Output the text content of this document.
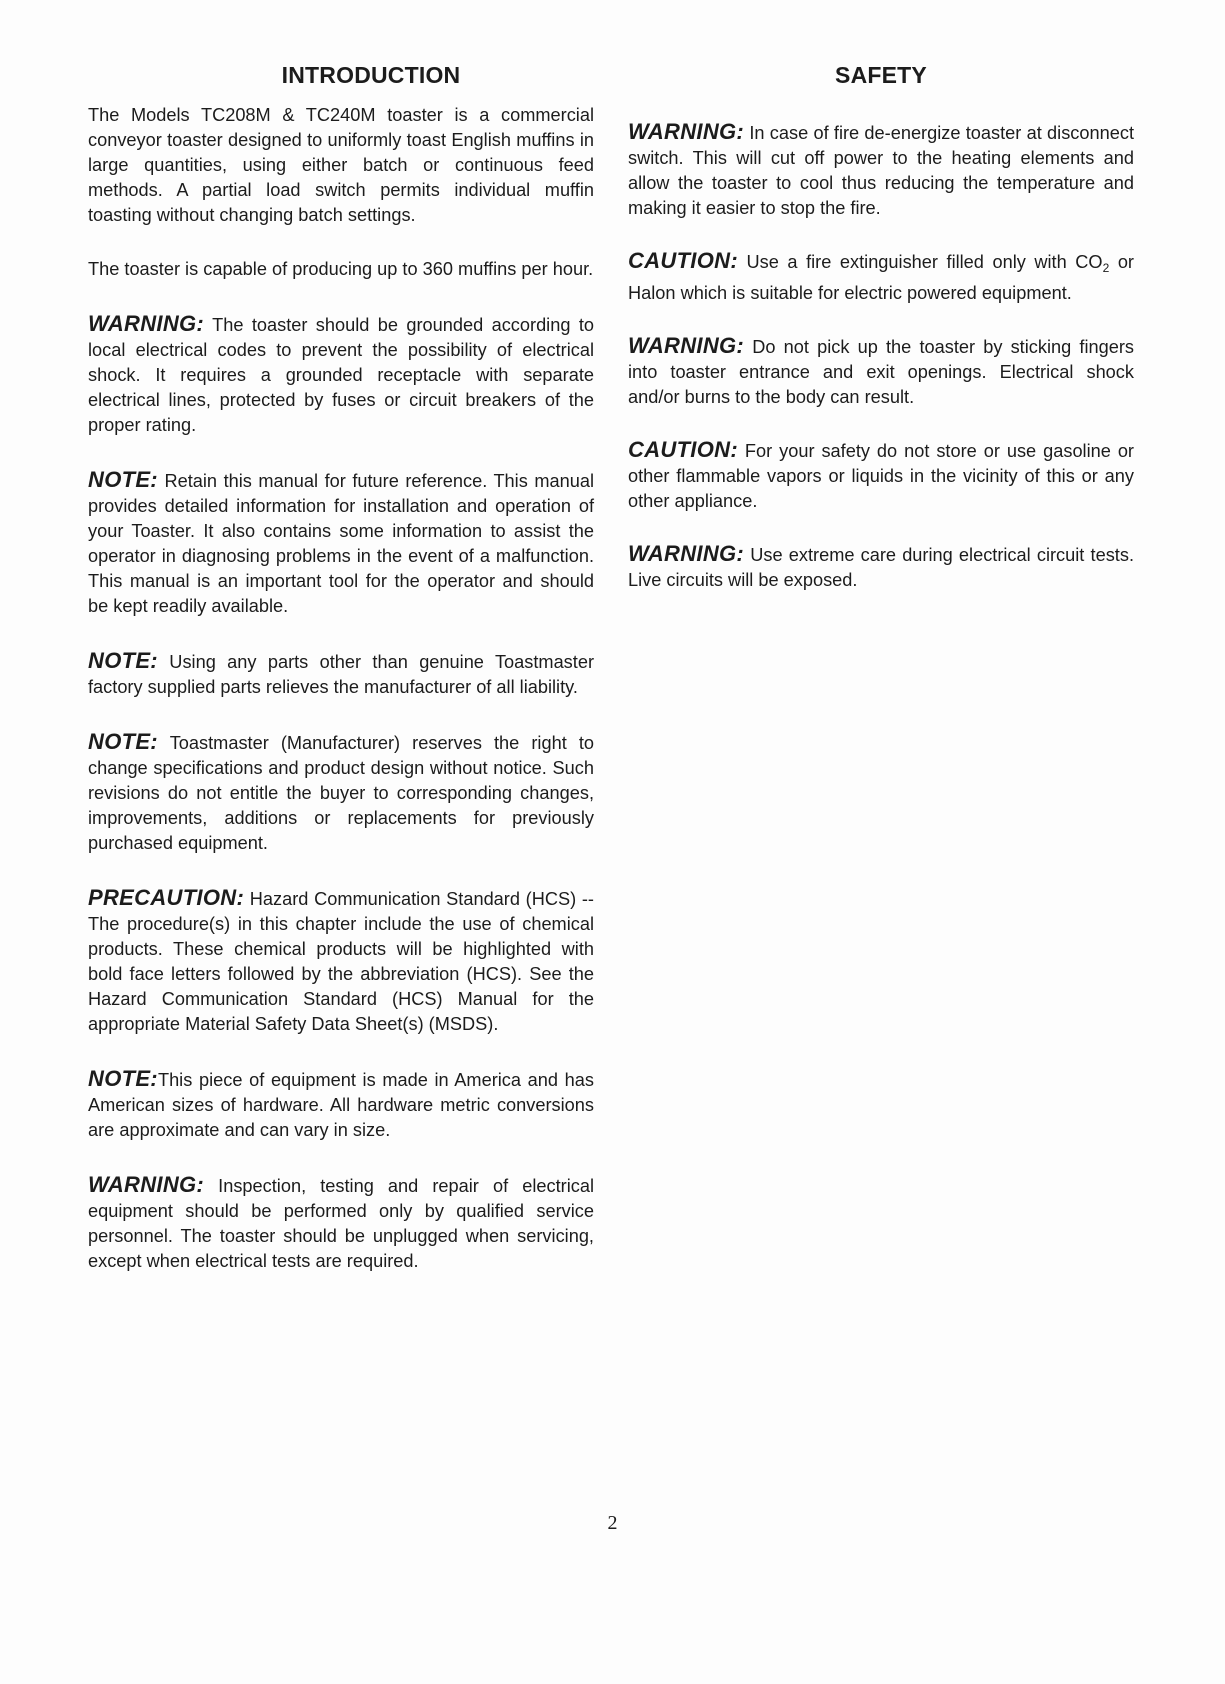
INTRODUCTION

The Models TC208M & TC240M toaster is a commercial conveyor toaster designed to uniformly toast English muffins in large quantities, using either batch or continuous feed methods. A partial load switch permits individual muffin toasting without changing batch settings.

The toaster is capable of producing up to 360 muffins per hour.

WARNING: The toaster should be grounded according to local electrical codes to prevent the possibility of electrical shock. It requires a grounded receptacle with separate electrical lines, protected by fuses or circuit breakers of the proper rating.

NOTE: Retain this manual for future reference. This manual provides detailed information for installation and operation of your Toaster. It also contains some information to assist the operator in diagnosing problems in the event of a malfunction. This manual is an important tool for the operator and should be kept readily available.

NOTE: Using any parts other than genuine Toastmaster factory supplied parts relieves the manufacturer of all liability.

NOTE: Toastmaster (Manufacturer) reserves the right to change specifications and product design without notice. Such revisions do not entitle the buyer to corresponding changes, improvements, additions or replacements for previously purchased equipment.

PRECAUTION: Hazard Communication Standard (HCS) --The procedure(s) in this chapter include the use of chemical products. These chemical products will be highlighted with bold face letters followed by the abbreviation (HCS). See the Hazard Communication Standard (HCS) Manual for the appropriate Material Safety Data Sheet(s) (MSDS).

NOTE:This piece of equipment is made in America and has American sizes of hardware. All hardware metric conversions are approximate and can vary in size.

WARNING: Inspection, testing and repair of electrical equipment should be performed only by qualified service personnel. The toaster should be unplugged when servicing, except when electrical tests are required.

SAFETY

WARNING: In case of fire de-energize toaster at disconnect switch. This will cut off power to the heating elements and allow the toaster to cool thus reducing the temperature and making it easier to stop the fire.

CAUTION: Use a fire extinguisher filled only with $CO_2$ or Halon which is suitable for electric powered equipment.

WARNING: Do not pick up the toaster by sticking fingers into toaster entrance and exit openings. Electrical shock and/or burns to the body can result.

CAUTION: For your safety do not store or use gasoline or other flammable vapors or liquids in the vicinity of this or any other appliance.

WARNING: Use extreme care during electrical circuit tests. Live circuits will be exposed.

2
